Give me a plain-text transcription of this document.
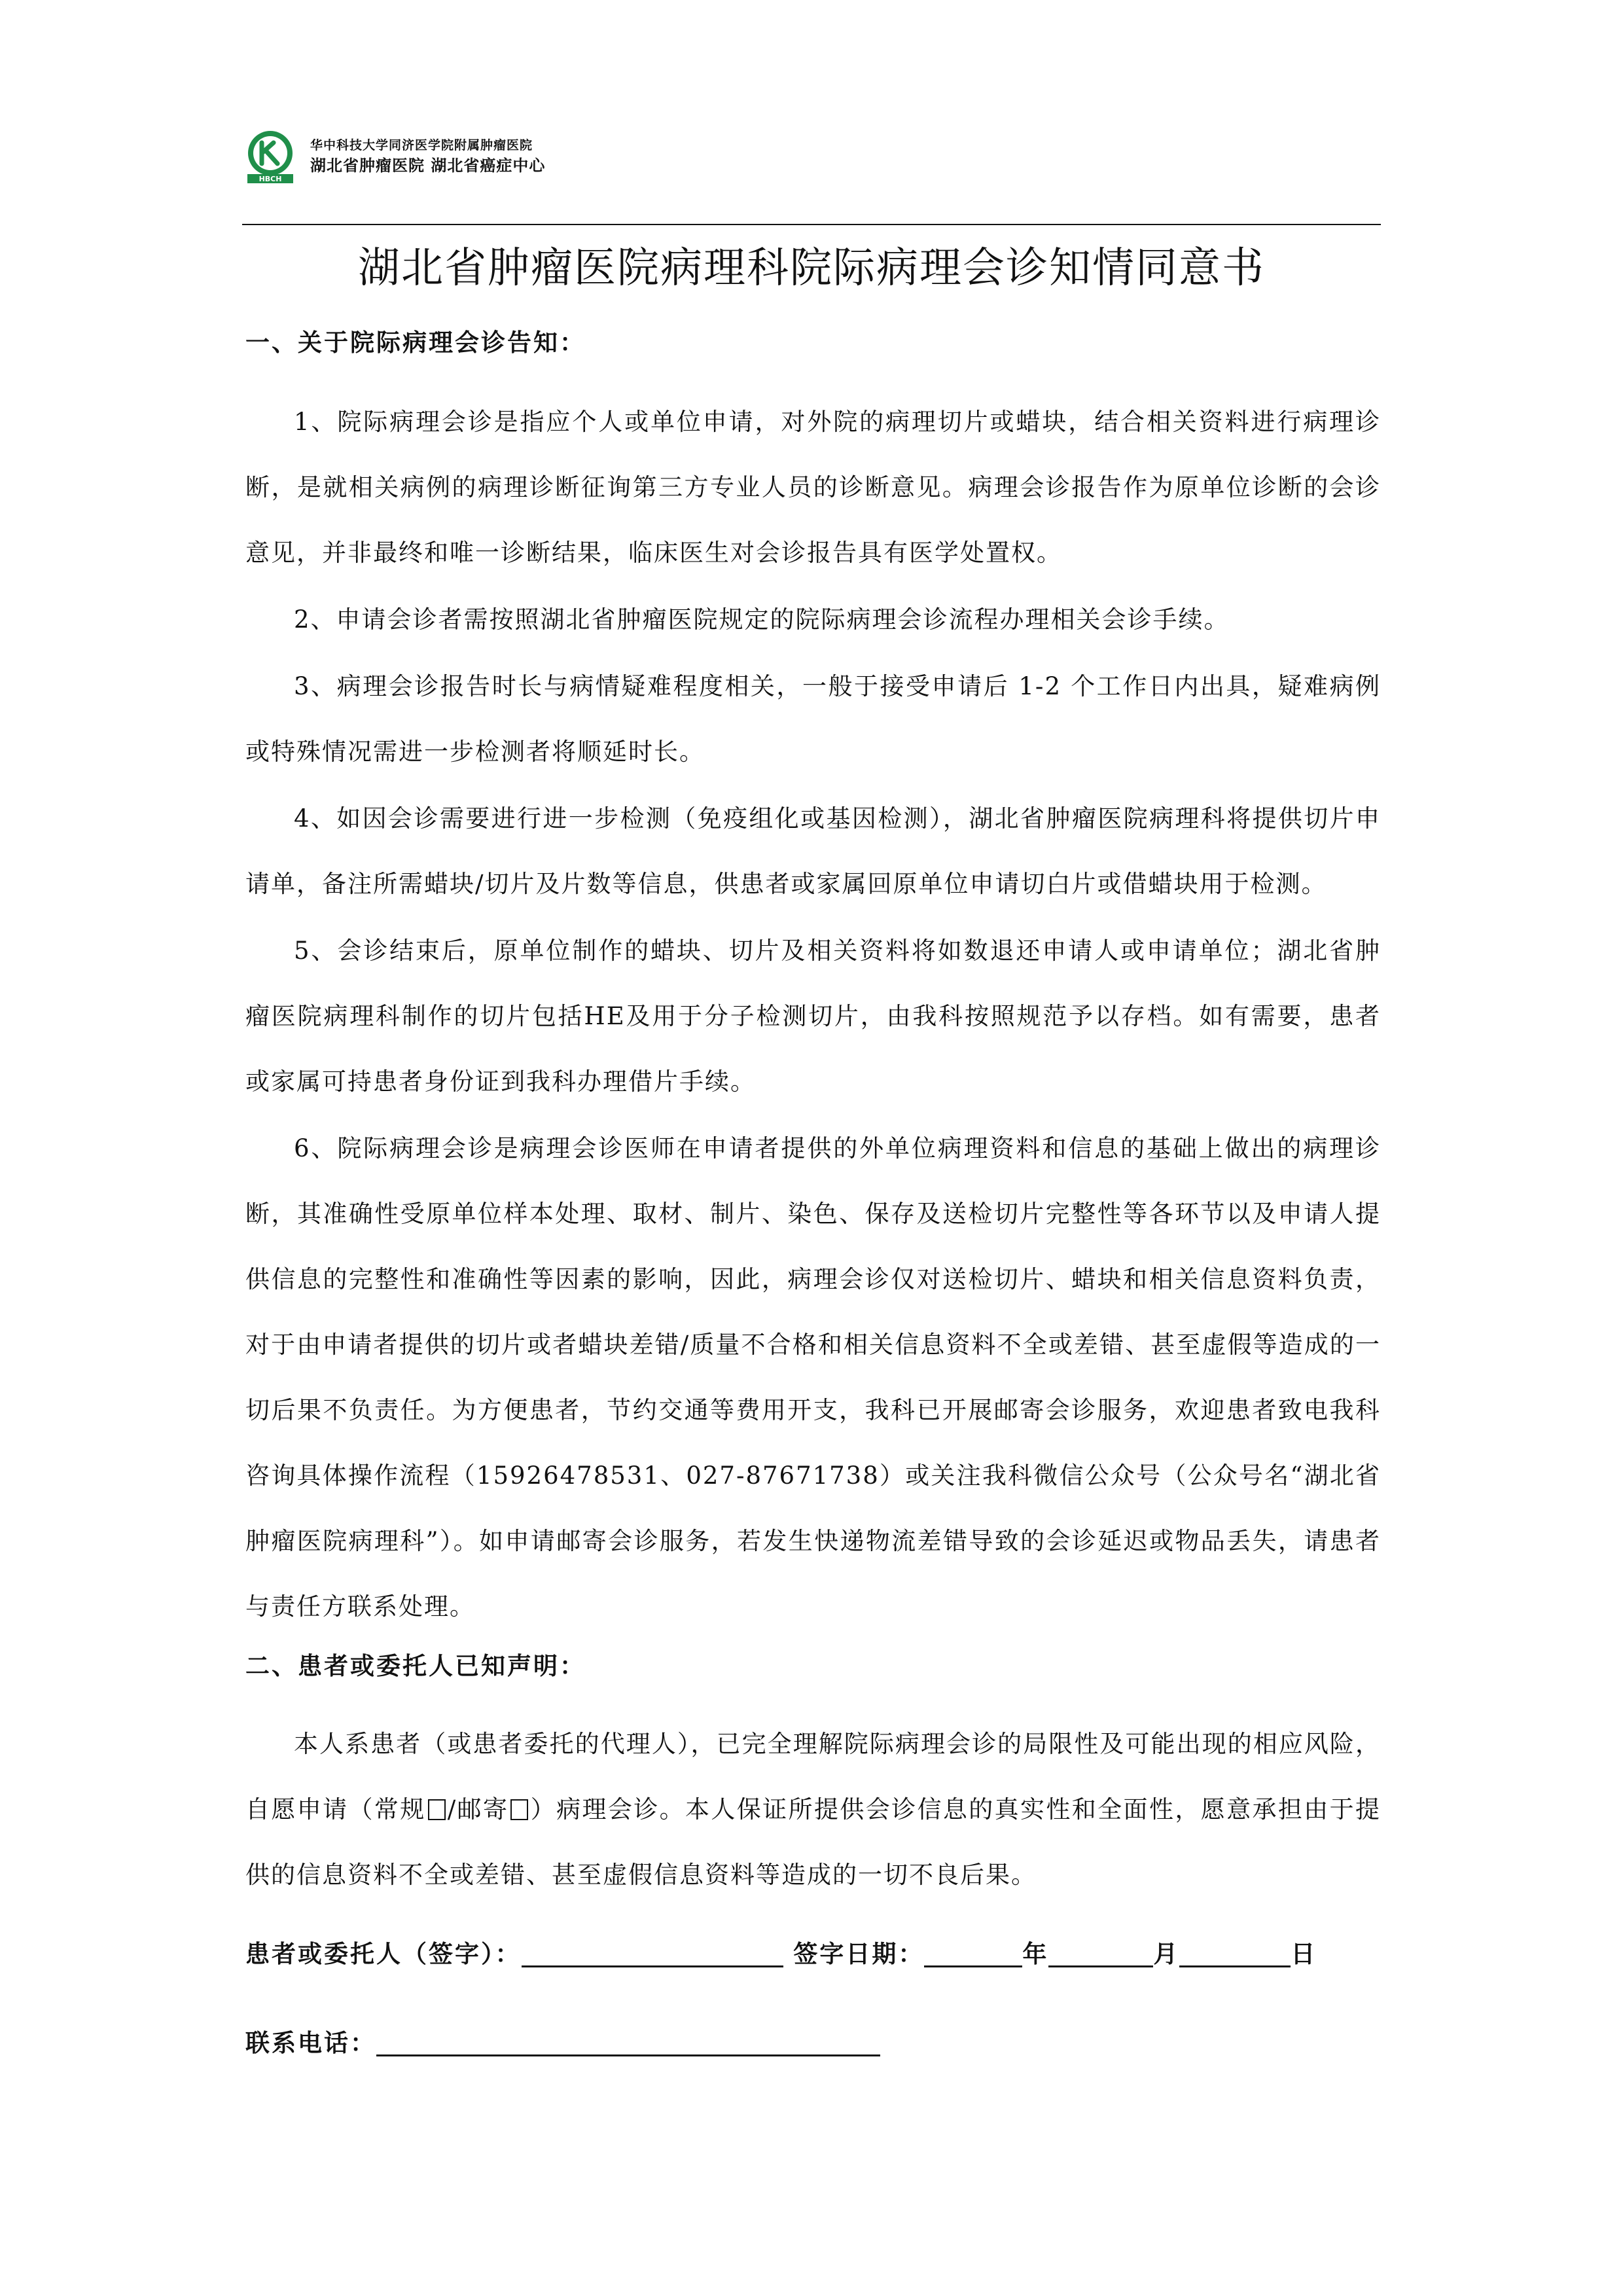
HBCH
华中科技大学同济医学院附属肿瘤医院
湖北省肿瘤医院 湖北省癌症中心
湖北省肿瘤医院病理科院际病理会诊知情同意书
一、关于院际病理会诊告知：

1、院际病理会诊是指应个人或单位申请，对外院的病理切片或蜡块，结合相关资料进行病理诊断，是就相关病例的病理诊断征询第三方专业人员的诊断意见。病理会诊报告作为原单位诊断的会诊意见，并非最终和唯一诊断结果，临床医生对会诊报告具有医学处置权。

2、申请会诊者需按照湖北省肿瘤医院规定的院际病理会诊流程办理相关会诊手续。

3、病理会诊报告时长与病情疑难程度相关，一般于接受申请后 1-2 个工作日内出具，疑难病例或特殊情况需进一步检测者将顺延时长。

4、如因会诊需要进行进一步检测（免疫组化或基因检测），湖北省肿瘤医院病理科将提供切片申请单，备注所需蜡块/切片及片数等信息，供患者或家属回原单位申请切白片或借蜡块用于检测。

5、会诊结束后，原单位制作的蜡块、切片及相关资料将如数退还申请人或申请单位；湖北省肿瘤医院病理科制作的切片包括HE及用于分子检测切片，由我科按照规范予以存档。如有需要，患者或家属可持患者身份证到我科办理借片手续。

6、院际病理会诊是病理会诊医师在申请者提供的外单位病理资料和信息的基础上做出的病理诊断，其准确性受原单位样本处理、取材、制片、染色、保存及送检切片完整性等各环节以及申请人提供信息的完整性和准确性等因素的影响，因此，病理会诊仅对送检切片、蜡块和相关信息资料负责，对于由申请者提供的切片或者蜡块差错/质量不合格和相关信息资料不全或差错、甚至虚假等造成的一切后果不负责任。为方便患者，节约交通等费用开支，我科已开展邮寄会诊服务，欢迎患者致电我科咨询具体操作流程（15926478531、027-87671738）或关注我科微信公众号（公众号名“湖北省肿瘤医院病理科”）。如申请邮寄会诊服务，若发生快递物流差错导致的会诊延迟或物品丢失，请患者与责任方联系处理。

二、患者或委托人已知声明：

本人系患者（或患者委托的代理人），已完全理解院际病理会诊的局限性及可能出现的相应风险，自愿申请（常规 /邮寄 ）病理会诊。本人保证所提供会诊信息的真实性和全面性，愿意承担由于提供的信息资料不全或差错、甚至虚假信息资料等造成的一切不良后果。

患者或委托人（签字）：	签字日期：	年	月	日
联系电话：
